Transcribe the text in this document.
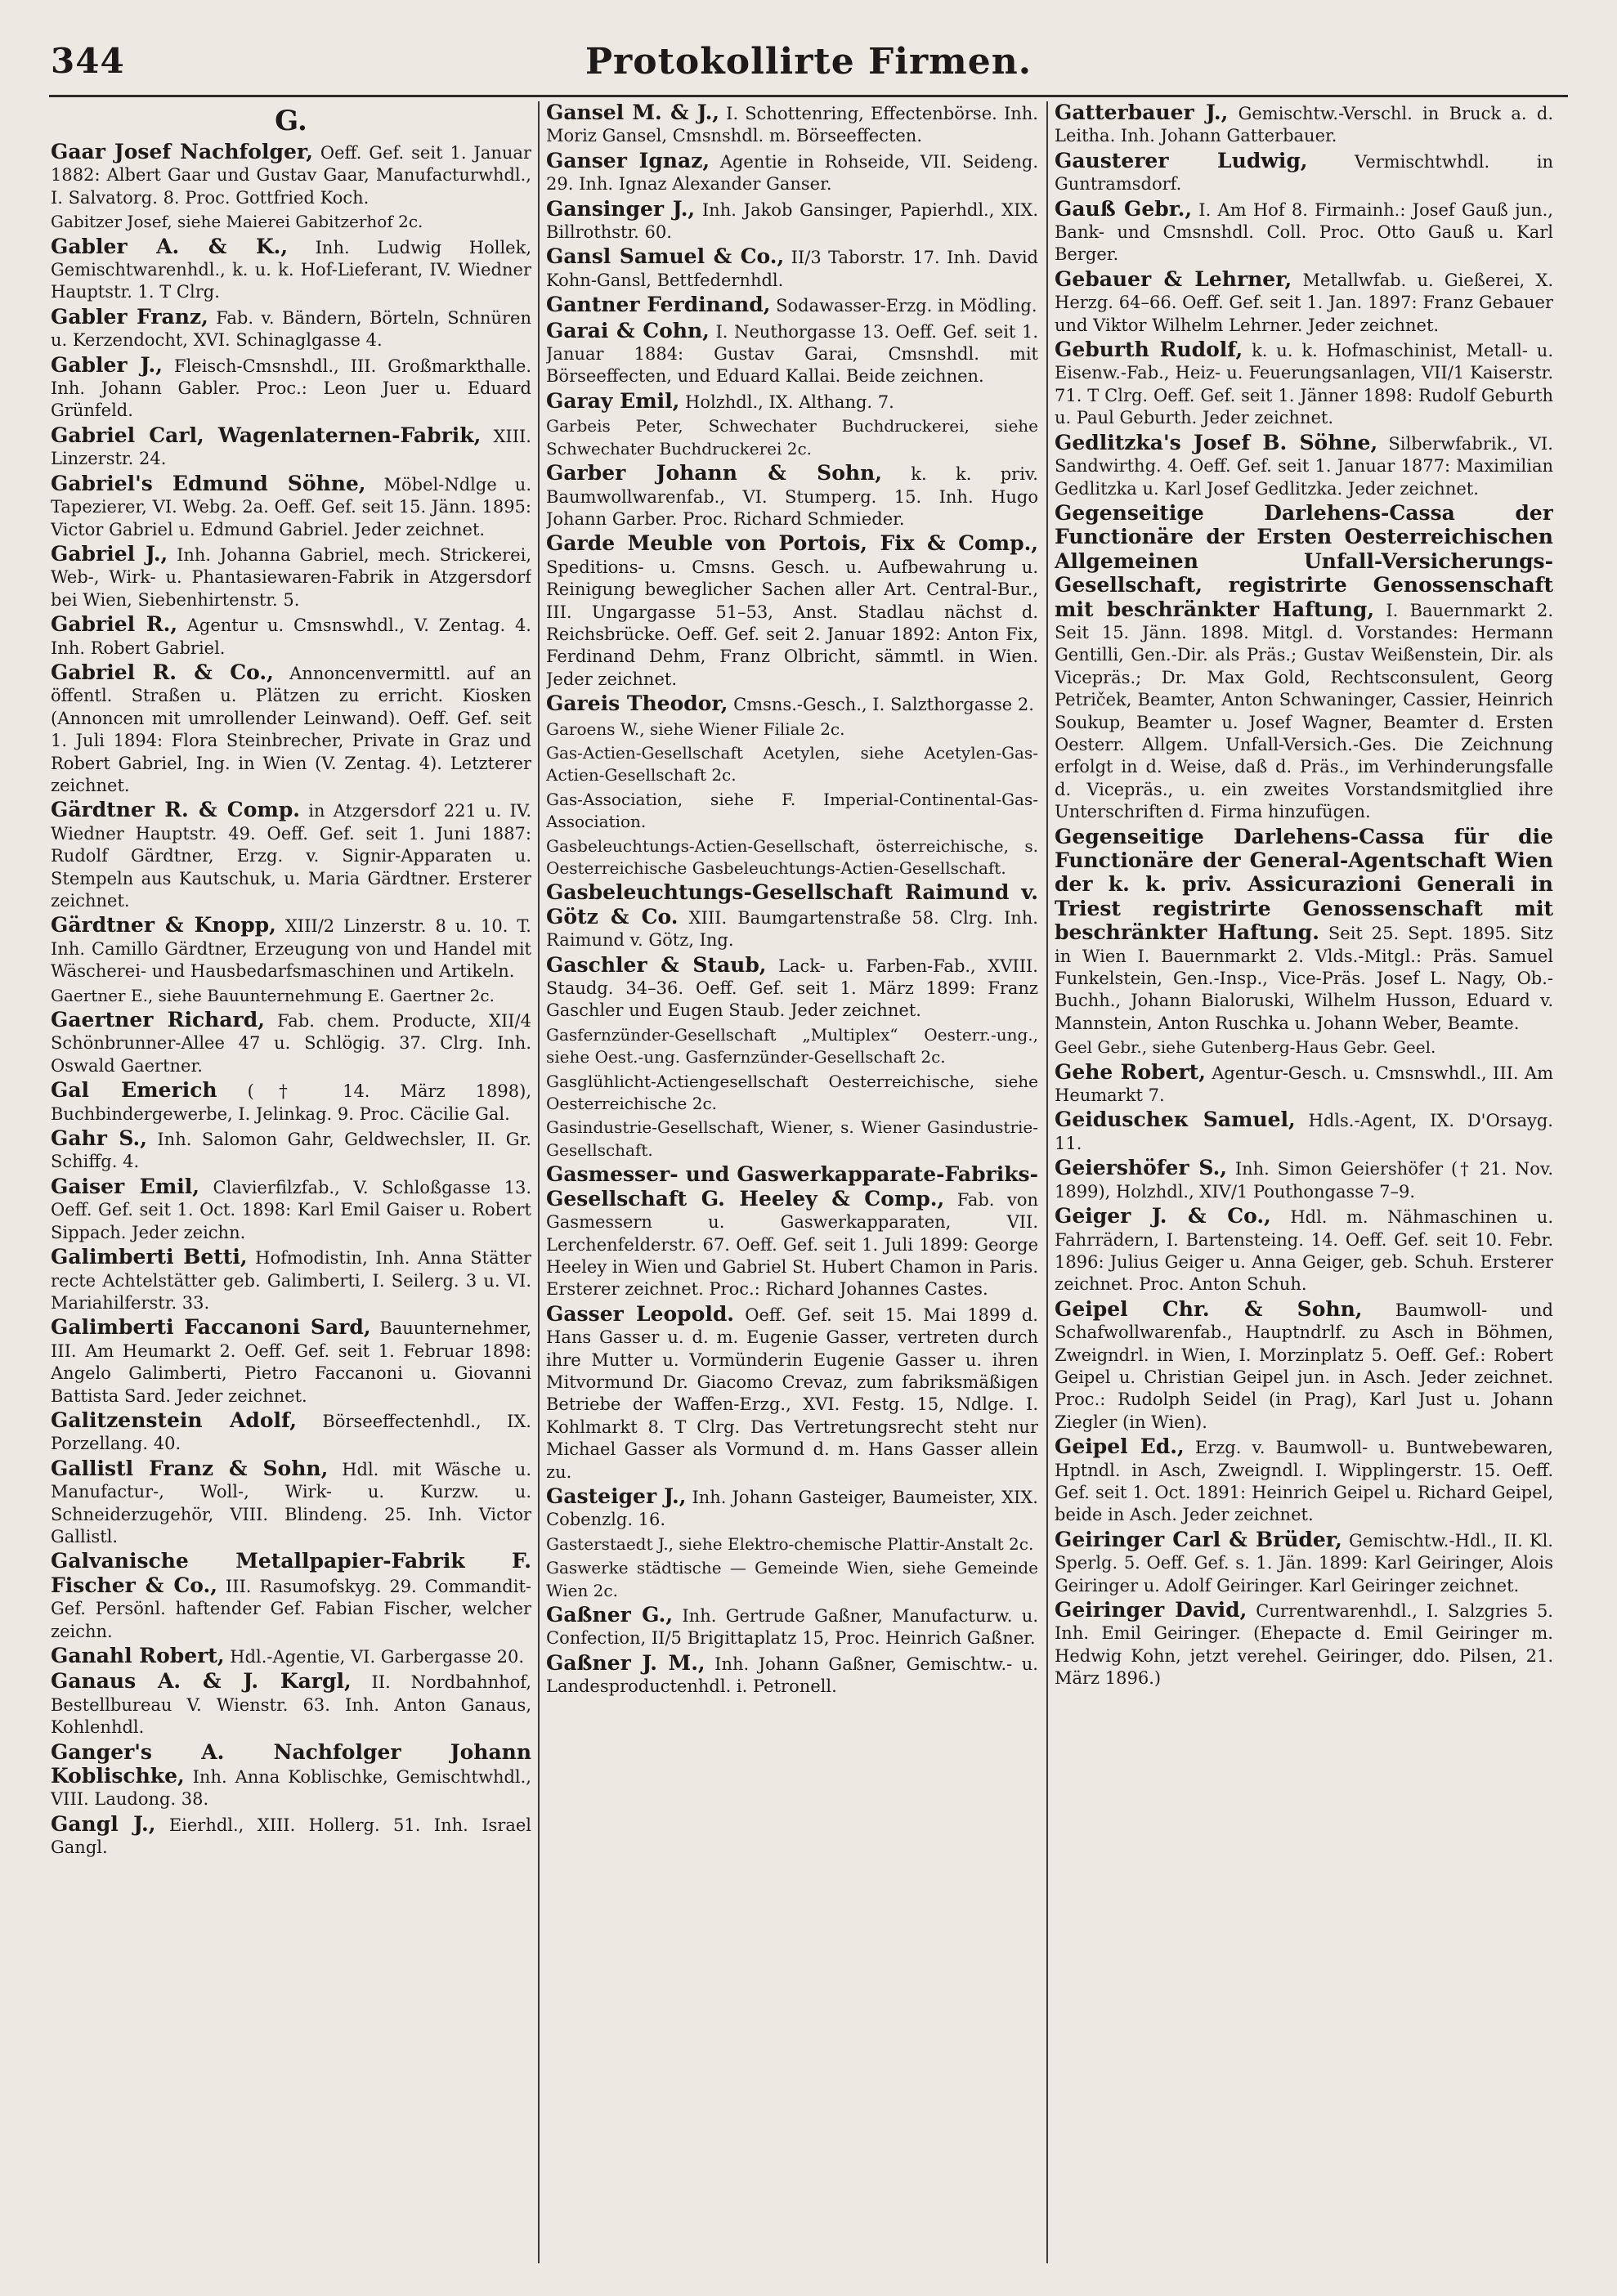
344	Protokollirte Firmen.
G.
Gaar Josef Nachfolger, Oeff. Gef. seit 1. Januar 1882: Albert Gaar und Gustav Gaar, Manufacturwhdl., I. Salvatorg. 8. Proc. Gottfried Koch.
Gabitzer Josef, siehe Maierei Gabitzerhof 2c.
Gabler A. & K., Inh. Ludwig Hollek, Gemischtwarenhdl., k. u. k. Hof-Lieferant, IV. Wiedner Hauptstr. 1. T Clrg.
Gabler Franz, Fab. v. Bändern, Börteln, Schnüren u. Kerzendocht, XVI. Schinaglgasse 4.
Gabler J., Fleisch-Cmsnshdl., III. Großmarkthalle. Inh. Johann Gabler. Proc.: Leon Juer u. Eduard Grünfeld.
Gabriel Carl, Wagenlaternen-Fabrik, XIII. Linzerstr. 24.
Gabriel's Edmund Söhne, Möbel-Ndlge u. Tapezierer, VI. Webg. 2a. Oeff. Gef. seit 15. Jänn. 1895: Victor Gabriel u. Edmund Gabriel. Jeder zeichnet.
Gabriel J., Inh. Johanna Gabriel, mech. Strickerei, Web-, Wirk- u. Phantasiewaren-Fabrik in Atzgersdorf bei Wien, Siebenhirtenstr. 5.
Gabriel R., Agentur u. Cmsnswhdl., V. Zentag. 4. Inh. Robert Gabriel.
Gabriel R. & Co., Annoncenvermittl. auf an öffentl. Straßen u. Plätzen zu erricht. Kiosken (Annoncen mit umrollender Leinwand). Oeff. Gef. seit 1. Juli 1894: Flora Steinbrecher, Private in Graz und Robert Gabriel, Ing. in Wien (V. Zentag. 4). Letzterer zeichnet.
Gärdtner R. & Comp. in Atzgersdorf 221 u. IV. Wiedner Hauptstr. 49. Oeff. Gef. seit 1. Juni 1887: Rudolf Gärdtner, Erzg. v. Signir-Apparaten u. Stempeln aus Kautschuk, u. Maria Gärdtner. Ersterer zeichnet.
Gärdtner & Knopp, XIII/2 Linzerstr. 8 u. 10. T. Inh. Camillo Gärdtner, Erzeugung von und Handel mit Wäscherei- und Hausbedarfsmaschinen und Artikeln.
Gaertner E., siehe Bauunternehmung E. Gaertner 2c.
Gaertner Richard, Fab. chem. Producte, XII/4 Schönbrunner-Allee 47 u. Schlögig. 37. Clrg. Inh. Oswald Gaertner.
Gal Emerich († 14. März 1898), Buchbindergewerbe, I. Jelinkag. 9. Proc. Cäcilie Gal.
Gahr S., Inh. Salomon Gahr, Geldwechsler, II. Gr. Schiffg. 4.
Gaiser Emil, Clavierfilzfab., V. Schloßgasse 13. Oeff. Gef. seit 1. Oct. 1898: Karl Emil Gaiser u. Robert Sippach. Jeder zeichn.
Galimberti Betti, Hofmodistin, Inh. Anna Stätter recte Achtelstätter geb. Galimberti, I. Seilerg. 3 u. VI. Mariahilferstr. 33.
Galimberti Faccanoni Sard, Bauunternehmer, III. Am Heumarkt 2. Oeff. Gef. seit 1. Februar 1898: Angelo Galimberti, Pietro Faccanoni u. Giovanni Battista Sard. Jeder zeichnet.
Galitzenstein Adolf, Börseeffectenhdl., IX. Porzellang. 40.
Gallistl Franz & Sohn, Hdl. mit Wäsche u. Manufactur-, Woll-, Wirk- u. Kurzw. u. Schneiderzugehör, VIII. Blindeng. 25. Inh. Victor Gallistl.
Galvanische Metallpapier-Fabrik F. Fischer & Co., III. Rasumofskyg. 29. Commandit-Gef. Persönl. haftender Gef. Fabian Fischer, welcher zeichn.
Ganahl Robert, Hdl.-Agentie, VI. Garbergasse 20.
Ganaus A. & J. Kargl, II. Nordbahnhof, Bestellbureau V. Wienstr. 63. Inh. Anton Ganaus, Kohlenhdl.
Ganger's A. Nachfolger Johann Koblischke, Inh. Anna Koblischke, Gemischtwhdl., VIII. Laudong. 38.
Gangl J., Eierhdl., XIII. Hollerg. 51. Inh. Israel Gangl.
Gansel M. & J., I. Schottenring, Effectenbörse. Inh. Moriz Gansel, Cmsnshdl. m. Börseeffecten.
Ganser Ignaz, Agentie in Rohseide, VII. Seideng. 29. Inh. Ignaz Alexander Ganser.
Gansinger J., Inh. Jakob Gansinger, Papierhdl., XIX. Billrothstr. 60.
Gansl Samuel & Co., II/3 Taborstr. 17. Inh. David Kohn-Gansl, Bettfedernhdl.
Gantner Ferdinand, Sodawasser-Erzg. in Mödling.
Garai & Cohn, I. Neuthorgasse 13. Oeff. Gef. seit 1. Januar 1884: Gustav Garai, Cmsnshdl. mit Börseeffecten, und Eduard Kallai. Beide zeichnen.
Garay Emil, Holzhdl., IX. Althang. 7.
Garbeis Peter, Schwechater Buchdruckerei, siehe Schwechater Buchdruckerei 2c.
Garber Johann & Sohn, k. k. priv. Baumwollwarenfab., VI. Stumperg. 15. Inh. Hugo Johann Garber. Proc. Richard Schmieder.
Garde Meuble von Portois, Fix & Comp., Speditions- u. Cmsns. Gesch. u. Aufbewahrung u. Reinigung beweglicher Sachen aller Art. Central-Bur., III. Ungargasse 51–53, Anst. Stadlau nächst d. Reichsbrücke. Oeff. Gef. seit 2. Januar 1892: Anton Fix, Ferdinand Dehm, Franz Olbricht, sämmtl. in Wien. Jeder zeichnet.
Gareis Theodor, Cmsns.-Gesch., I. Salzthorgasse 2.
Garoens W., siehe Wiener Filiale 2c.
Gas-Actien-Gesellschaft Acetylen, siehe Acetylen-Gas-Actien-Gesellschaft 2c.
Gas-Association, siehe F. Imperial-Continental-Gas-Association.
Gasbeleuchtungs-Actien-Gesellschaft, österreichische, s. Oesterreichische Gasbeleuchtungs-Actien-Gesellschaft.
Gasbeleuchtungs-Gesellschaft Raimund v. Götz & Co. XIII. Baumgartenstraße 58. Clrg. Inh. Raimund v. Götz, Ing.
Gaschler & Staub, Lack- u. Farben-Fab., XVIII. Staudg. 34–36. Oeff. Gef. seit 1. März 1899: Franz Gaschler und Eugen Staub. Jeder zeichnet.
Gasfernzünder-Gesellschaft „Multiplex“ Oesterr.-ung., siehe Oest.-ung. Gasfernzünder-Gesellschaft 2c.
Gasglühlicht-Actiengesellschaft Oesterreichische, siehe Oesterreichische 2c.
Gasindustrie-Gesellschaft, Wiener, s. Wiener Gasindustrie-Gesellschaft.
Gasmesser- und Gaswerkapparate-Fabriks-Gesellschaft G. Heeley & Comp., Fab. von Gasmessern u. Gaswerkapparaten, VII. Lerchenfelderstr. 67. Oeff. Gef. seit 1. Juli 1899: George Heeley in Wien und Gabriel St. Hubert Chamon in Paris. Ersterer zeichnet. Proc.: Richard Johannes Castes.
Gasser Leopold. Oeff. Gef. seit 15. Mai 1899 d. Hans Gasser u. d. m. Eugenie Gasser, vertreten durch ihre Mutter u. Vormünderin Eugenie Gasser u. ihren Mitvormund Dr. Giacomo Crevaz, zum fabriksmäßigen Betriebe der Waffen-Erzg., XVI. Festg. 15, Ndlge. I. Kohlmarkt 8. T Clrg. Das Vertretungsrecht steht nur Michael Gasser als Vormund d. m. Hans Gasser allein zu.
Gasteiger J., Inh. Johann Gasteiger, Baumeister, XIX. Cobenzlg. 16.
Gasterstaedt J., siehe Elektro-chemische Plattir-Anstalt 2c.
Gaswerke städtische — Gemeinde Wien, siehe Gemeinde Wien 2c.
Gaßner G., Inh. Gertrude Gaßner, Manufacturw. u. Confection, II/5 Brigittaplatz 15, Proc. Heinrich Gaßner.
Gaßner J. M., Inh. Johann Gaßner, Gemischtw.- u. Landesproductenhdl. i. Petronell.
Gatterbauer J., Gemischtw.-Verschl. in Bruck a. d. Leitha. Inh. Johann Gatterbauer.
Gausterer Ludwig,	Vermischtwhdl. in Guntramsdorf.
Gauß Gebr., I. Am Hof 8. Firmainh.: Josef Gauß jun., Bank- und Cmsnshdl. Coll. Proc. Otto Gauß u. Karl Berger.
Gebauer & Lehrner, Metallwfab. u. Gießerei, X. Herzg. 64–66. Oeff. Gef. seit 1. Jan. 1897: Franz Gebauer und Viktor Wilhelm Lehrner. Jeder zeichnet.
Geburth Rudolf, k. u. k. Hofmaschinist, Metall- u. Eisenw.-Fab., Heiz- u. Feuerungsanlagen, VII/1 Kaiserstr. 71. T Clrg. Oeff. Gef. seit 1. Jänner 1898: Rudolf Geburth u. Paul Geburth. Jeder zeichnet.
Gedlitzka's Josef B. Söhne, Silberwfabrik., VI. Sandwirthg. 4. Oeff. Gef. seit 1. Januar 1877: Maximilian Gedlitzka u. Karl Josef Gedlitzka. Jeder zeichnet.
Gegenseitige Darlehens-Cassa der Functionäre der Ersten Oesterreichischen Allgemeinen Unfall-Versicherungs-Gesellschaft, registrirte Genossenschaft mit beschränkter Haftung, I. Bauernmarkt 2. Seit 15. Jänn. 1898. Mitgl. d. Vorstandes: Hermann Gentilli, Gen.-Dir. als Präs.; Gustav Weißenstein, Dir. als Vicepräs.; Dr. Max Gold, Rechtsconsulent, Georg Petriček, Beamter, Anton Schwaninger, Cassier, Heinrich Soukup, Beamter u. Josef Wagner, Beamter d. Ersten Oesterr. Allgem. Unfall-Versich.-Ges. Die Zeichnung erfolgt in d. Weise, daß d. Präs., im Verhinderungsfalle d. Vicepräs., u. ein zweites Vorstandsmitglied ihre Unterschriften d. Firma hinzufügen.
Gegenseitige Darlehens-Cassa für die Functionäre der General-Agentschaft Wien der k. k. priv. Assicurazioni Generali in Triest registrirte Genossenschaft mit beschränkter Haftung. Seit 25. Sept. 1895. Sitz in Wien I. Bauernmarkt 2. Vlds.-Mitgl.: Präs. Samuel Funkelstein, Gen.-Insp., Vice-Präs. Josef L. Nagy, Ob.-Buchh., Johann Bialoruski, Wilhelm Husson, Eduard v. Mannstein, Anton Ruschka u. Johann Weber, Beamte.
Geel Gebr., siehe Gutenberg-Haus Gebr. Geel.
Gehe Robert, Agentur-Gesch. u. Cmsnswhdl., III. Am Heumarkt 7.
Geiduscheк Samuel, Hdls.-Agent, IX. D'Orsayg. 11.
Geiershöfer S., Inh. Simon Geiershöfer († 21. Nov. 1899), Holzhdl., XIV/1 Pouthongasse 7–9.
Geiger J. & Co., Hdl. m. Nähmaschinen u. Fahrrädern, I. Bartensteing. 14. Oeff. Gef. seit 10. Febr. 1896: Julius Geiger u. Anna Geiger, geb. Schuh. Ersterer zeichnet. Proc. Anton Schuh.
Geipel Chr. & Sohn, Baumwoll- und Schafwollwarenfab., Hauptndrlf. zu Asch in Böhmen, Zweigndrl. in Wien, I. Morzinplatz 5. Oeff. Gef.: Robert Geipel u. Christian Geipel jun. in Asch. Jeder zeichnet. Proc.: Rudolph Seidel (in Prag), Karl Just u. Johann Ziegler (in Wien).
Geipel Ed., Erzg. v. Baumwoll- u. Buntwebewaren, Hptndl. in Asch, Zweigndl. I. Wipplingerstr. 15. Oeff. Gef. seit 1. Oct. 1891: Heinrich Geipel u. Richard Geipel, beide in Asch. Jeder zeichnet.
Geiringer Carl & Brüder, Gemischtw.-Hdl., II. Kl. Sperlg. 5. Oeff. Gef. s. 1. Jän. 1899: Karl Geiringer, Alois Geiringer u. Adolf Geiringer. Karl Geiringer zeichnet.
Geiringer David, Currentwarenhdl., I. Salzgries 5. Inh. Emil Geiringer. (Ehepacte d. Emil Geiringer m. Hedwig Kohn, jetzt verehel. Geiringer, ddo. Pilsen, 21. März 1896.)
